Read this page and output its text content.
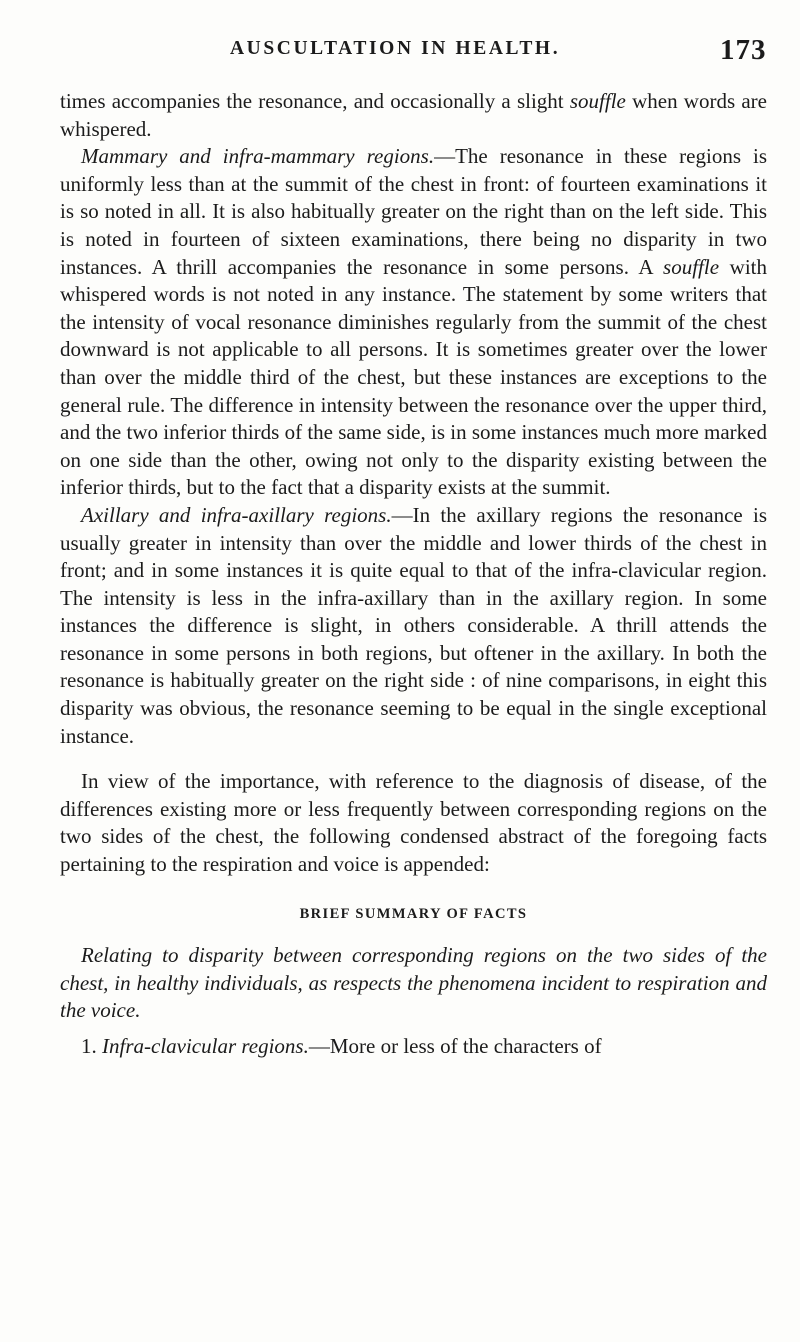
AUSCULTATION IN HEALTH.	173

times accompanies the resonance, and occasionally a slight souffle when words are whispered.

Mammary and infra-mammary regions.—The resonance in these regions is uniformly less than at the summit of the chest in front: of fourteen examinations it is so noted in all. It is also habitually greater on the right than on the left side. This is noted in fourteen of sixteen examinations, there being no disparity in two instances. A thrill accompanies the resonance in some persons. A souffle with whispered words is not noted in any instance. The statement by some writers that the intensity of vocal resonance diminishes regularly from the summit of the chest downward is not applicable to all persons. It is sometimes greater over the lower than over the middle third of the chest, but these instances are exceptions to the general rule. The difference in intensity between the resonance over the upper third, and the two inferior thirds of the same side, is in some instances much more marked on one side than the other, owing not only to the disparity existing between the inferior thirds, but to the fact that a disparity exists at the summit.

Axillary and infra-axillary regions.—In the axillary regions the resonance is usually greater in intensity than over the middle and lower thirds of the chest in front; and in some instances it is quite equal to that of the infra-clavicular region. The intensity is less in the infra-axillary than in the axillary region. In some instances the difference is slight, in others considerable. A thrill attends the resonance in some persons in both regions, but oftener in the axillary. In both the resonance is habitually greater on the right side : of nine comparisons, in eight this disparity was obvious, the resonance seeming to be equal in the single exceptional instance.

In view of the importance, with reference to the diagnosis of disease, of the differences existing more or less frequently between corresponding regions on the two sides of the chest, the following condensed abstract of the foregoing facts pertaining to the respiration and voice is appended:

BRIEF SUMMARY OF FACTS

Relating to disparity between corresponding regions on the two sides of the chest, in healthy individuals, as respects the phenomena incident to respiration and the voice.

1. Infra-clavicular regions.—More or less of the characters of
